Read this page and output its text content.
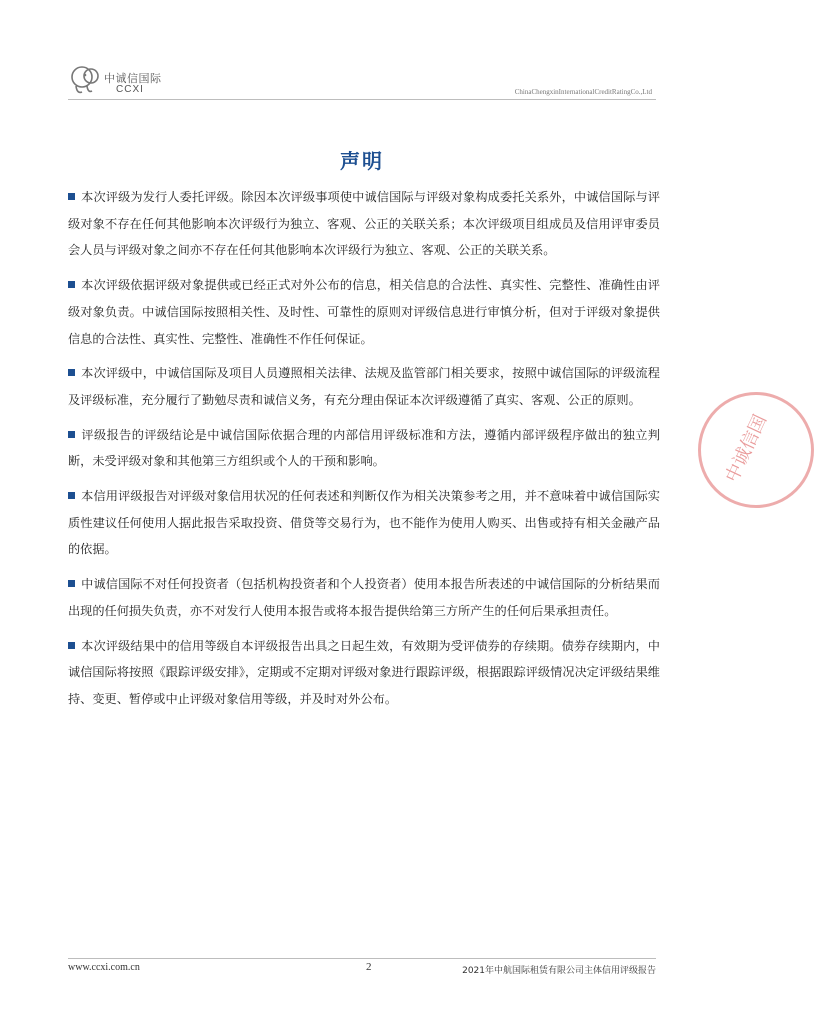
中诚信国际
CCXI	ChinaChengxinInternationalCreditRatingCo.,Ltd
声明

本次评级为发行人委托评级。除因本次评级事项使中诚信国际与评级对象构成委托关系外，中诚信国际与评级对象不存在任何其他影响本次评级行为独立、客观、公正的关联关系；本次评级项目组成员及信用评审委员会人员与评级对象之间亦不存在任何其他影响本次评级行为独立、客观、公正的关联关系。

本次评级依据评级对象提供或已经正式对外公布的信息，相关信息的合法性、真实性、完整性、准确性由评级对象负责。中诚信国际按照相关性、及时性、可靠性的原则对评级信息进行审慎分析，但对于评级对象提供信息的合法性、真实性、完整性、准确性不作任何保证。

本次评级中，中诚信国际及项目人员遵照相关法律、法规及监管部门相关要求，按照中诚信国际的评级流程及评级标准，充分履行了勤勉尽责和诚信义务，有充分理由保证本次评级遵循了真实、客观、公正的原则。

评级报告的评级结论是中诚信国际依据合理的内部信用评级标准和方法，遵循内部评级程序做出的独立判断，未受评级对象和其他第三方组织或个人的干预和影响。

本信用评级报告对评级对象信用状况的任何表述和判断仅作为相关决策参考之用，并不意味着中诚信国际实质性建议任何使用人据此报告采取投资、借贷等交易行为，也不能作为使用人购买、出售或持有相关金融产品的依据。

中诚信国际不对任何投资者（包括机构投资者和个人投资者）使用本报告所表述的中诚信国际的分析结果而出现的任何损失负责，亦不对发行人使用本报告或将本报告提供给第三方所产生的任何后果承担责任。

本次评级结果中的信用等级自本评级报告出具之日起生效，有效期为受评债券的存续期。债券存续期内，中诚信国际将按照《跟踪评级安排》，定期或不定期对评级对象进行跟踪评级，根据跟踪评级情况决定评级结果维持、变更、暂停或中止评级对象信用等级，并及时对外公布。

中诚信国
www.ccxi.com.cn	2	2021年中航国际租赁有限公司主体信用评级报告
